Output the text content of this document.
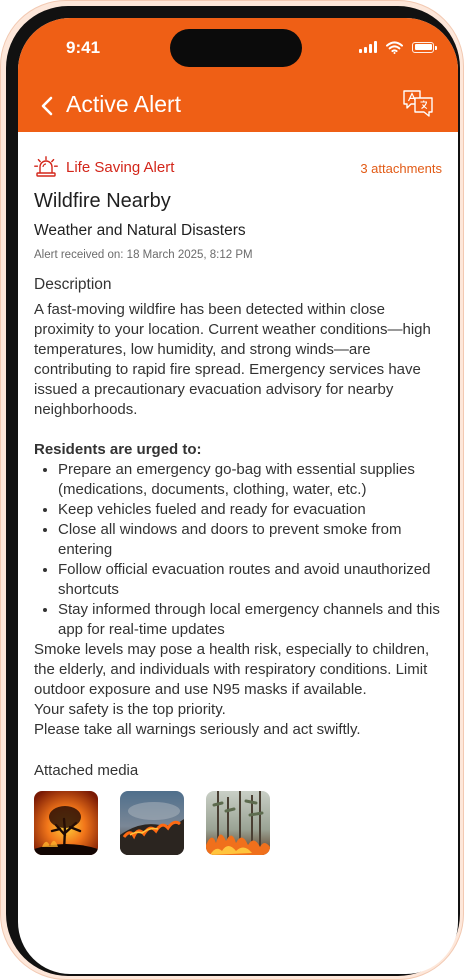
9:41
Active Alert
Life Saving Alert	3 attachments
Wildfire Nearby
Weather and Natural Disasters
Alert received on: 18 March 2025, 8:12 PM
Description
A fast-moving wildfire has been detected within close proximity to your location. Current weather conditions—high temperatures, low humidity, and strong winds—are contributing to rapid fire spread. Emergency services have issued a precautionary evacuation advisory for nearby neighborhoods.
Residents are urged to:
• Prepare an emergency go-bag with essential supplies (medications, documents, clothing, water, etc.)
• Keep vehicles fueled and ready for evacuation
• Close all windows and doors to prevent smoke from entering
• Follow official evacuation routes and avoid unauthorized shortcuts
• Stay informed through local emergency channels and this app for real-time updates
Smoke levels may pose a health risk, especially to children, the elderly, and individuals with respiratory conditions. Limit outdoor exposure and use N95 masks if available.
Your safety is the top priority.
Please take all warnings seriously and act swiftly.
Attached media
